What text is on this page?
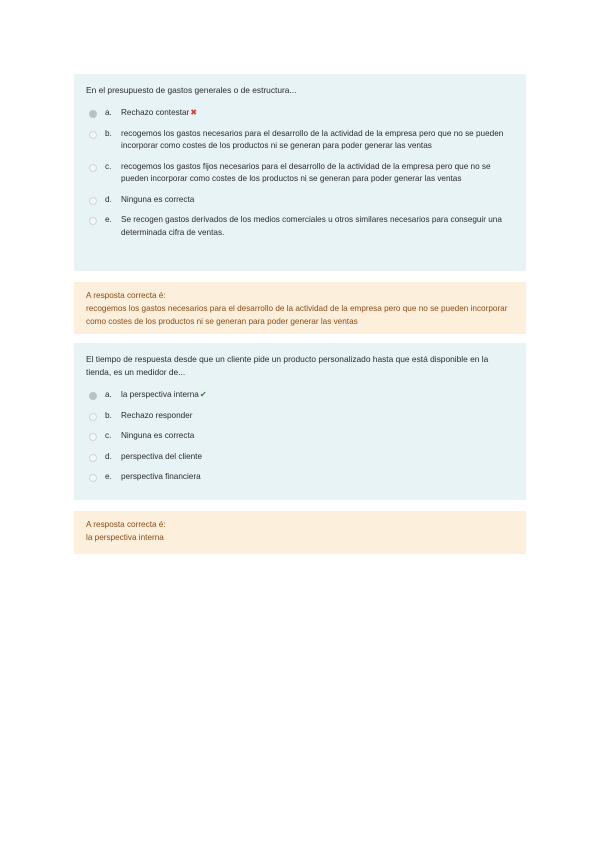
En el presupuesto de gastos generales o de estructura...

a.	Rechazo contestar✖
b.	recogemos los gastos necesarios para el desarrollo de la actividad de la empresa pero que no se pueden incorporar como costes de los productos ni se generan para poder generar las ventas
c.	recogemos los gastos fijos necesarios para el desarrollo de la actividad de la empresa pero que no se pueden incorporar como costes de los productos ni se generan para poder generar las ventas
d.	Ninguna es correcta
e.	Se recogen gastos derivados de los medios comerciales u otros similares necesarios para conseguir una determinada cifra de ventas.

A resposta correcta é:

recogemos los gastos necesarios para el desarrollo de la actividad de la empresa pero que no se pueden incorporar como costes de los productos ni se generan para poder generar las ventas

El tiempo de respuesta desde que un cliente pide un producto personalizado hasta que está disponible en la tienda, es un medidor de...

a.	la perspectiva interna✔
b.	Rechazo responder
c.	Ninguna es correcta
d.	perspectiva del cliente
e.	perspectiva financiera

A resposta correcta é:

la perspectiva interna
